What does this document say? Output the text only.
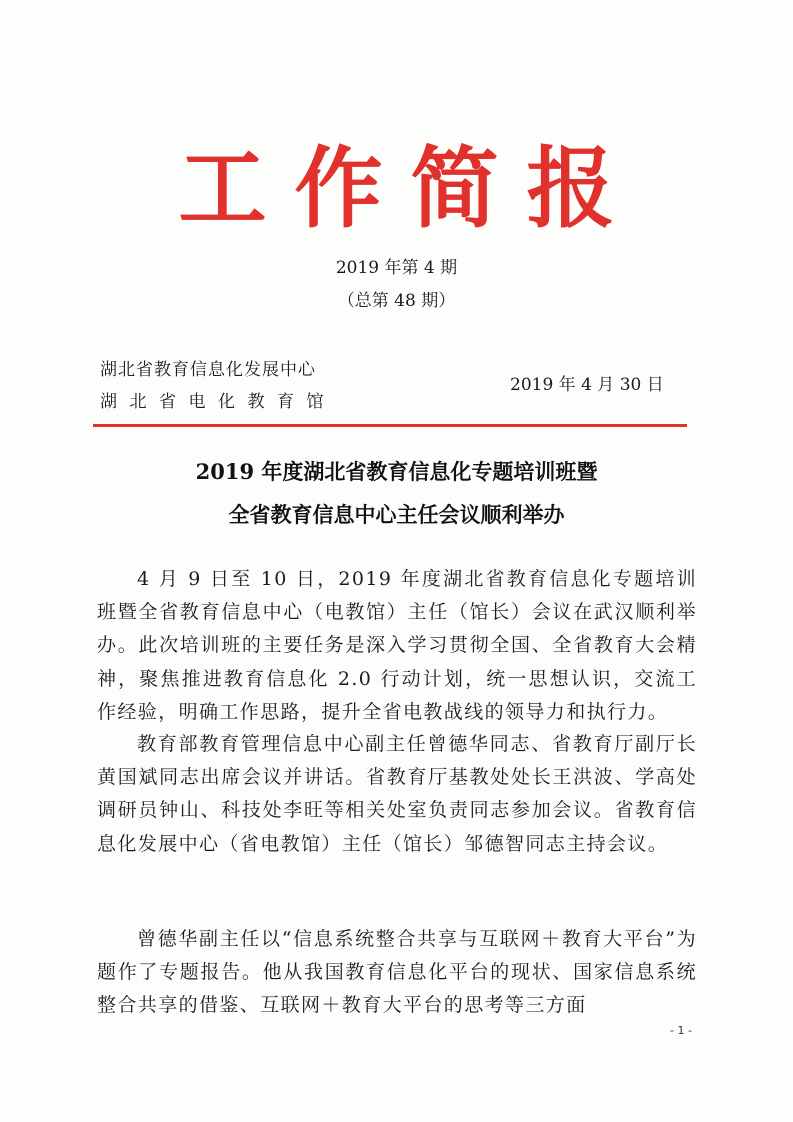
工作简报
2019 年第 4 期
（总第 48 期）
湖北省教育信息化发展中心
湖北省电化教育馆
2019 年 4 月 30 日
2019 年度湖北省教育信息化专题培训班暨
全省教育信息中心主任会议顺利举办

4 月 9 日至 10 日，2019 年度湖北省教育信息化专题培训班暨全省教育信息中心（电教馆）主任（馆长）会议在武汉顺利举办。此次培训班的主要任务是深入学习贯彻全国、全省教育大会精神，聚焦推进教育信息化 2.0 行动计划，统一思想认识，交流工作经验，明确工作思路，提升全省电教战线的领导力和执行力。

教育部教育管理信息中心副主任曾德华同志、省教育厅副厅长黄国斌同志出席会议并讲话。省教育厅基教处处长王洪波、学高处调研员钟山、科技处李旺等相关处室负责同志参加会议。省教育信息化发展中心（省电教馆）主任（馆长）邹德智同志主持会议。

曾德华副主任以“信息系统整合共享与互联网＋教育大平台”为题作了专题报告。他从我国教育信息化平台的现状、国家信息系统整合共享的借鉴、互联网＋教育大平台的思考等三方面

- 1 -
